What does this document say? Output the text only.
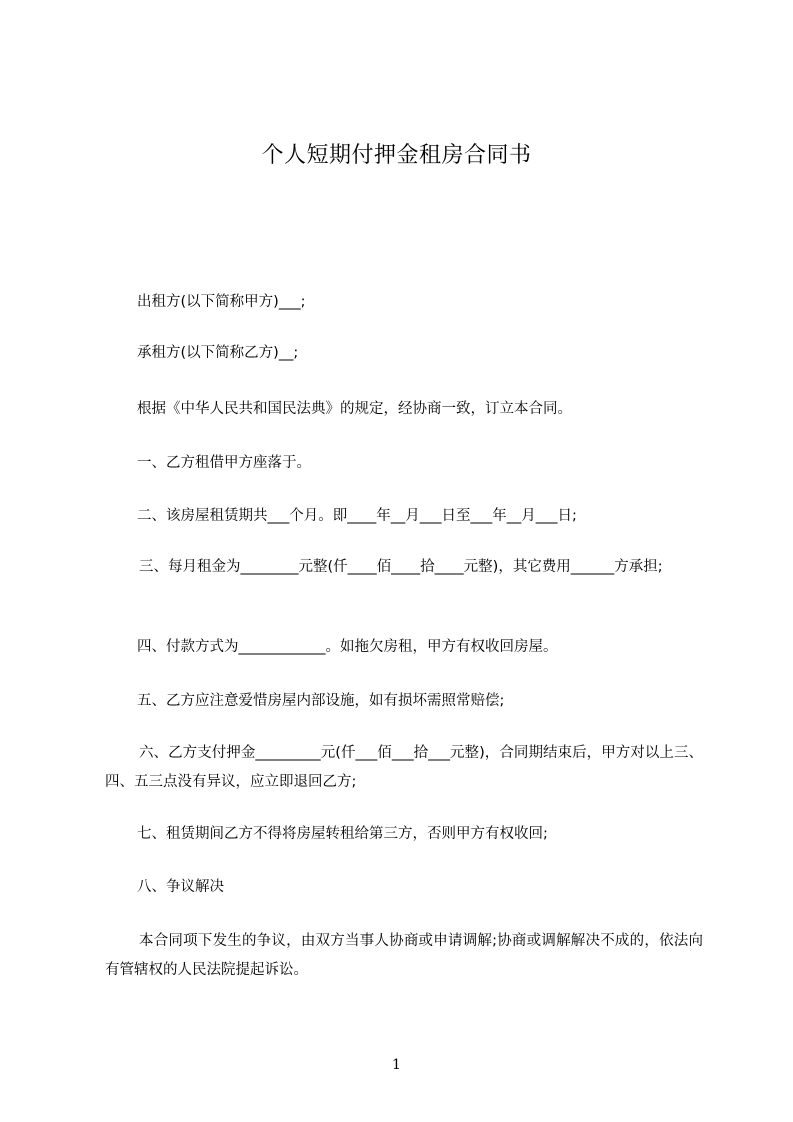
个人短期付押金租房合同书

出租方(以下简称甲方)___;

承租方(以下简称乙方)__;

根据《中华人民共和国民法典》的规定，经协商一致，订立本合同。

一、乙方租借甲方座落于。

二、该房屋租赁期共___个月。即____年__月___日至___年__月___日;

三、每月租金为________元整(仟____佰____拾____元整)，其它费用______方承担;

四、付款方式为____________。如拖欠房租，甲方有权收回房屋。

五、乙方应注意爱惜房屋内部设施，如有损坏需照常赔偿;

六、乙方支付押金_________元(仟___佰___拾___元整)，合同期结束后，甲方对以上三、四、五三点没有异议，应立即退回乙方;

七、租赁期间乙方不得将房屋转租给第三方，否则甲方有权收回;

八、争议解决

本合同项下发生的争议，由双方当事人协商或申请调解;协商或调解解决不成的，依法向有管辖权的人民法院提起诉讼。

1
